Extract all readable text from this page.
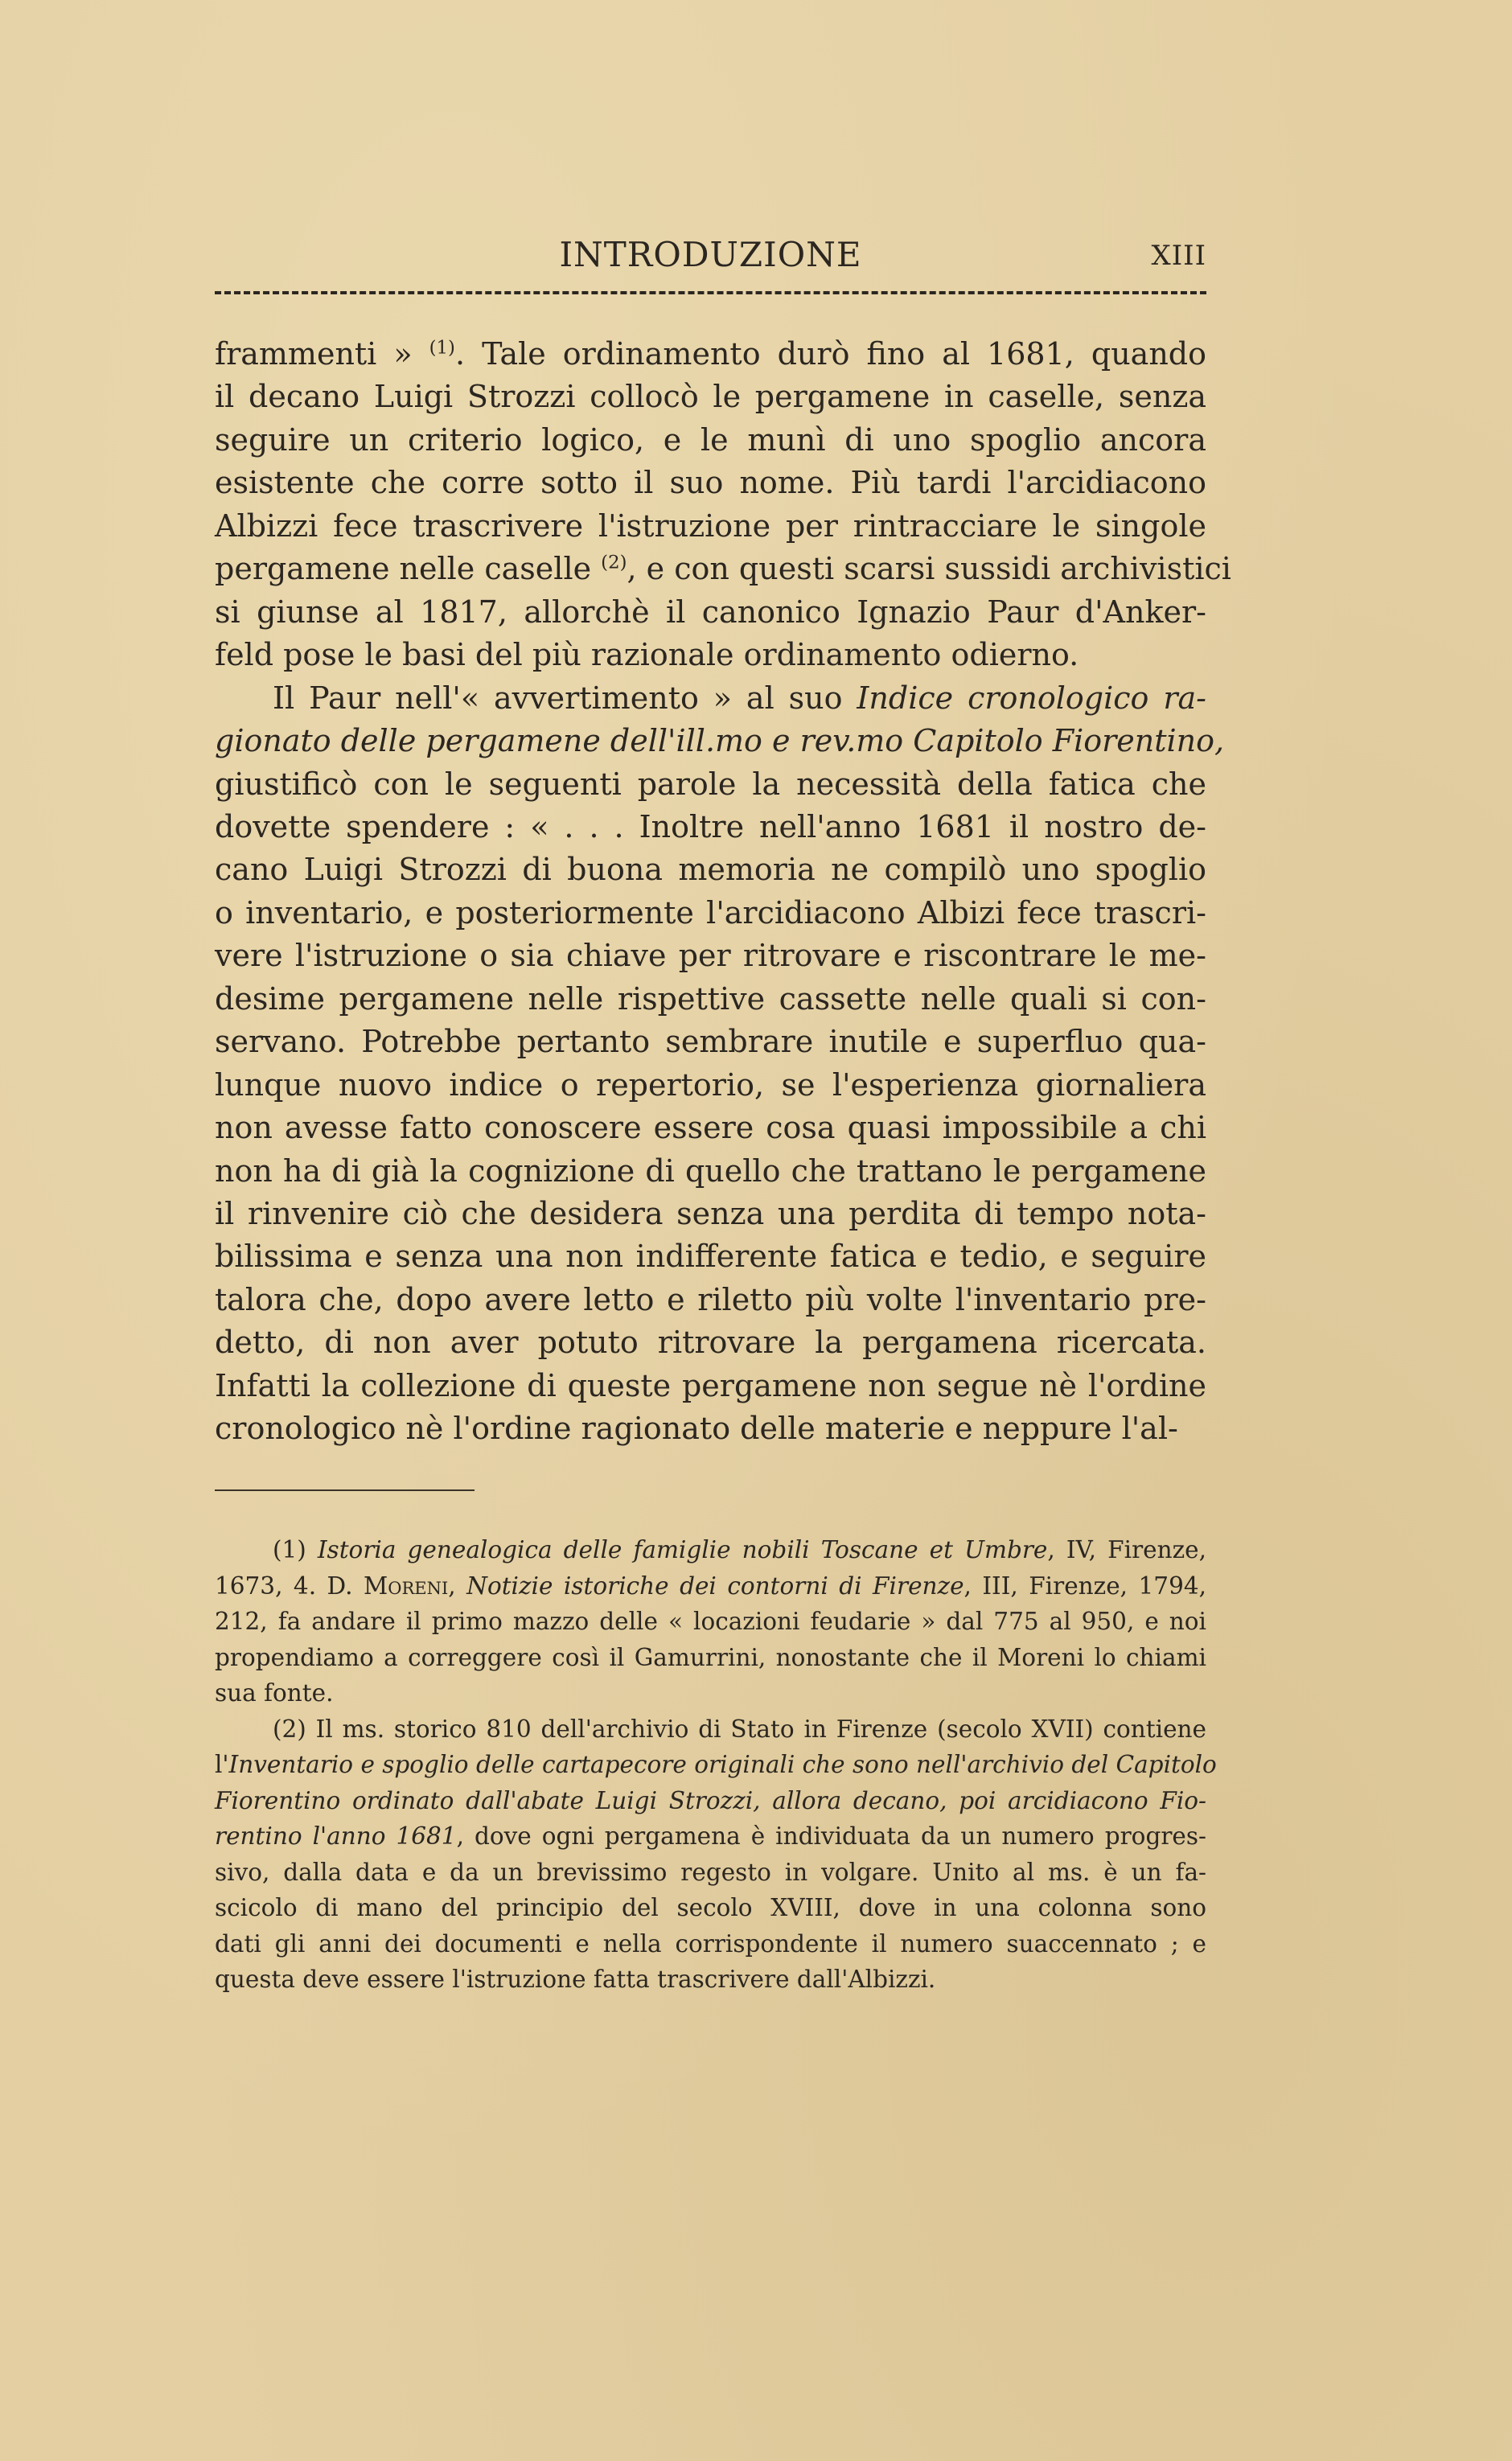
INTRODUZIONE	XIII
frammenti » $^{(1)}$. Tale ordinamento durò fino al 1681, quando
il decano Luigi Strozzi collocò le pergamene in caselle, senza
seguire un criterio logico, e le munì di uno spoglio ancora
esistente che corre sotto il suo nome. Più tardi l'arcidiacono
Albizzi fece trascrivere l'istruzione per rintracciare le singole
pergamene nelle caselle $^{(2)}$, e con questi scarsi sussidi archivistici
si giunse al 1817, allorchè il canonico Ignazio Paur d'Anker-
feld pose le basi del più razionale ordinamento odierno.
Il Paur nell'« avvertimento » al suo Indice cronologico ra-
gionato delle pergamene dell'ill.mo e rev.mo Capitolo Fiorentino,
giustificò con le seguenti parole la necessità della fatica che
dovette spendere : « . . . Inoltre nell'anno 1681 il nostro de-
cano Luigi Strozzi di buona memoria ne compilò uno spoglio
o inventario, e posteriormente l'arcidiacono Albizi fece trascri-
vere l'istruzione o sia chiave per ritrovare e riscontrare le me-
desime pergamene nelle rispettive cassette nelle quali si con-
servano. Potrebbe pertanto sembrare inutile e superfluo qua-
lunque nuovo indice o repertorio, se l'esperienza giornaliera
non avesse fatto conoscere essere cosa quasi impossibile a chi
non ha di già la cognizione di quello che trattano le pergamene
il rinvenire ciò che desidera senza una perdita di tempo nota-
bilissima e senza una non indifferente fatica e tedio, e seguire
talora che, dopo avere letto e riletto più volte l'inventario pre-
detto, di non aver potuto ritrovare la pergamena ricercata.
Infatti la collezione di queste pergamene non segue nè l'ordine
cronologico nè l'ordine ragionato delle materie e neppure l'al-
(1) Istoria genealogica delle famiglie nobili Toscane et Umbre, IV, Firenze,
1673, 4. D. Moreni, Notizie istoriche dei contorni di Firenze, III, Firenze, 1794,
212, fa andare il primo mazzo delle « locazioni feudarie » dal 775 al 950, e noi
propendiamo a correggere così il Gamurrini, nonostante che il Moreni lo chiami
sua fonte.
(2) Il ms. storico 810 dell'archivio di Stato in Firenze (secolo XVII) contiene
l'Inventario e spoglio delle cartapecore originali che sono nell'archivio del Capitolo
Fiorentino ordinato dall'abate Luigi Strozzi, allora decano, poi arcidiacono Fio-
rentino l'anno 1681, dove ogni pergamena è individuata da un numero progres-
sivo, dalla data e da un brevissimo regesto in volgare. Unito al ms. è un fa-
scicolo di mano del principio del secolo XVIII, dove in una colonna sono
dati gli anni dei documenti e nella corrispondente il numero suaccennato ; e
questa deve essere l'istruzione fatta trascrivere dall'Albizzi.
